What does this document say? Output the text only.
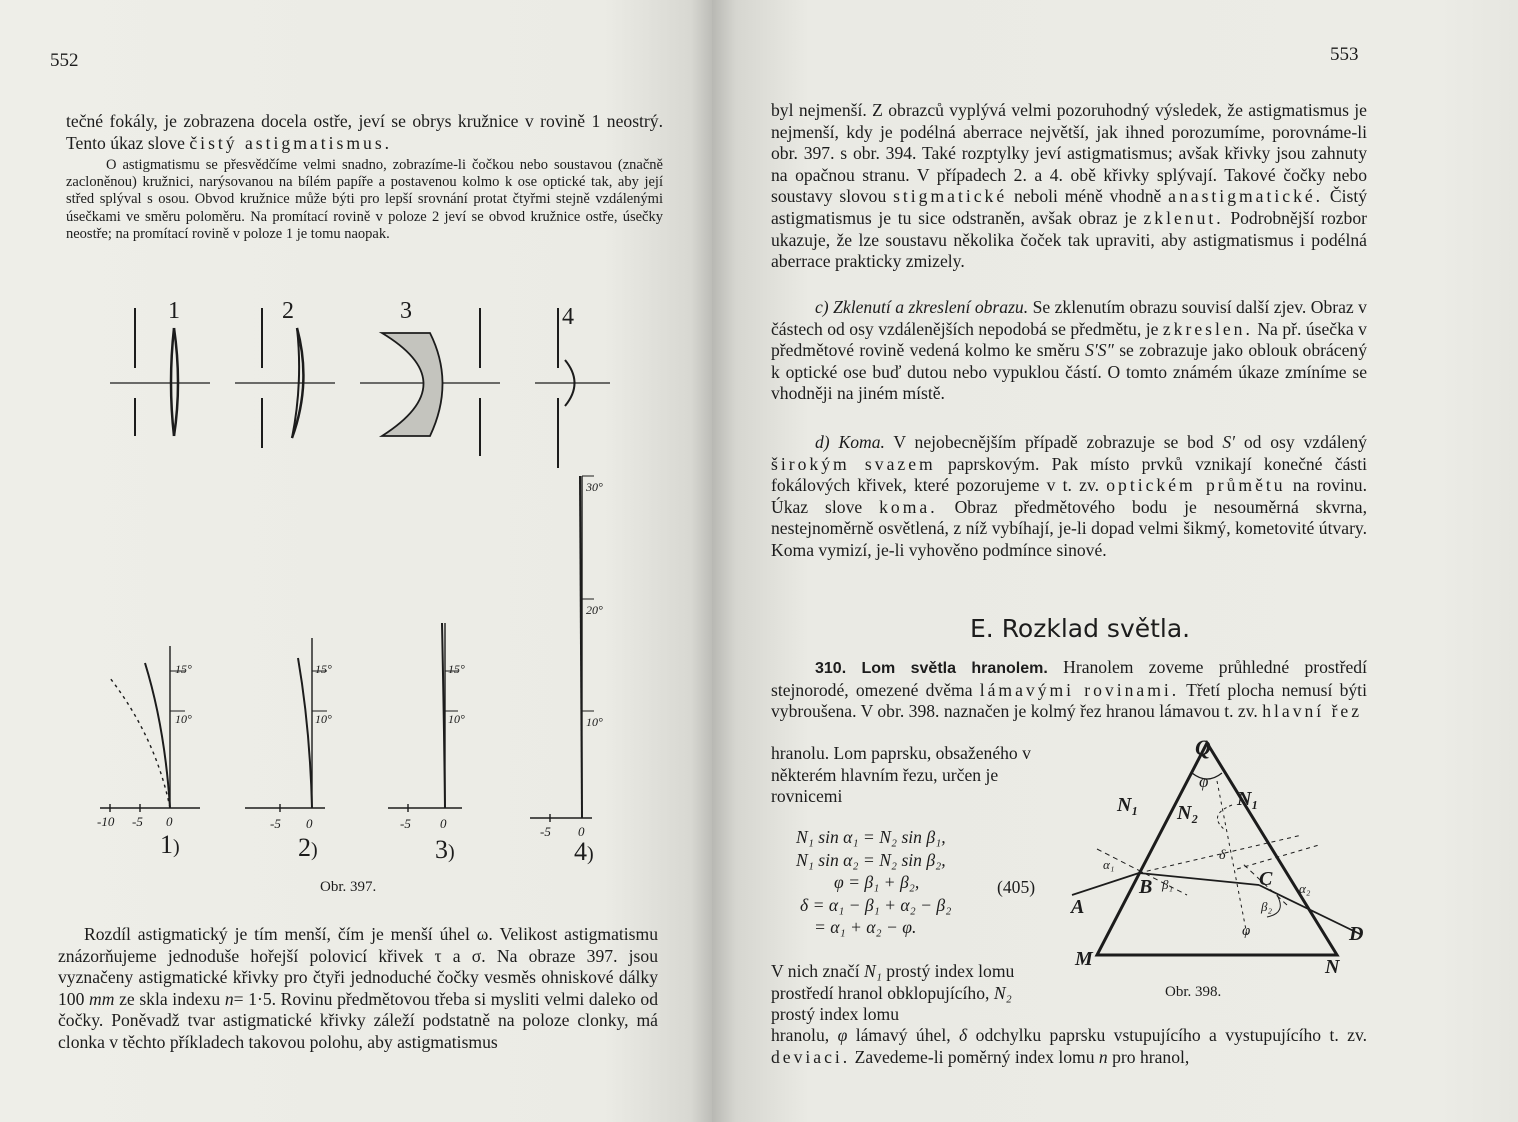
552

tečné fokály, je zobrazena docela ostře, jeví se obrys kružnice v rovině 1 neostrý. Tento úkaz slove čistý astigmatismus.

O astigmatismu se přesvědčíme velmi snadno, zobrazíme-li čočkou nebo soustavou (značně zacloněnou) kružnici, narýsovanou na bílém papíře a postavenou kolmo k ose optické tak, aby její střed splýval s osou. Obvod kružnice může býti pro lepší srovnání protat čtyřmi stejně vzdálenými úsečkami ve směru poloměru. Na promítací rovině v poloze 2 jeví se obvod kružnice ostře, úsečky neostře; na promítací rovině v poloze 1 je tomu naopak.

1	2	3	4
15°
10°
15°
10°
15°
10°
30°
20°
10°
-10 -5 0	-5 0	-5 0
-5 0
1)	2)	3)	4)
Obr. 397.

Rozdíl astigmatický je tím menší, čím je menší úhel ω. Velikost astigmatismu znázorňujeme jednoduše hořejší polovicí křivek τ a σ. Na obraze 397. jsou vyznačeny astigmatické křivky pro čtyři jednoduché čočky vesměs ohniskové dálky 100 mm ze skla indexu n= 1·5. Rovinu předmětovou třeba si mysliti velmi daleko od čočky. Poněvadž tvar astigmatické křivky záleží podstatně na poloze clonky, má clonka v těchto příkladech takovou polohu, aby astigmatismus

553

byl nejmenší. Z obrazců vyplývá velmi pozoruhodný výsledek, že astigmatismus je nejmenší, kdy je podélná aberrace největší, jak ihned porozumíme, porovnáme-li obr. 397. s obr. 394. Také rozptylky jeví astigmatismus; avšak křivky jsou zahnuty na opačnou stranu. V případech 2. a 4. obě křivky splývají. Takové čočky nebo soustavy slovou stigmatické neboli méně vhodně anastigmatické. Čistý astigmatismus je tu sice odstraněn, avšak obraz je zklenut. Podrobnější rozbor ukazuje, že lze soustavu několika čoček tak upraviti, aby astigmatismus i podélná aberrace prakticky zmizely.

c) Zklenutí a zkreslení obrazu. Se zklenutím obrazu souvisí další zjev. Obraz v částech od osy vzdálenějších nepodobá se předmětu, je zkreslen. Na př. úsečka v předmětové rovině vedená kolmo ke směru S′S″ se zobrazuje jako oblouk obrácený k optické ose buď dutou nebo vypuklou částí. O tomto známém úkaze zmíníme se vhodněji na jiném místě.

d) Koma. V nejobecnějším případě zobrazuje se bod S′ od osy vzdálený širokým svazem paprskovým. Pak místo prvků vznikají konečné části fokálových křivek, které pozorujeme v t. zv. optickém průmětu na rovinu. Úkaz slove koma. Obraz předmětového bodu je nesouměrná skvrna, nestejnoměrně osvětlená, z níž vybíhají, je-li dopad velmi šikmý, kometovité útvary. Koma vymizí, je-li vyhověno podmínce sinové.

E. Rozklad světla.

310. Lom světla hranolem. Hranolem zoveme průhledné prostředí stejnorodé, omezené dvěma lámavými rovinami. Třetí plocha nemusí býti vybroušena. V obr. 398. naznačen je kolmý řez hranou lámavou t. zv. hlavní řez

hranolu. Lom paprsku, obsaženého v některém hlavním řezu, určen je rovnicemi

N₁ sin α₁ = N₂ sin β₁,
N₁ sin α₂ = N₂ sin β₂,
φ = β₁ + β₂,
δ = α₁ − β₁ + α₂ − β₂
= α₁ + α₂ − φ.
(405)

V nich značí N₁ prostý index lomu prostředí hranol obklopujícího, N₂ prostý index lomu

hranolu, φ lámavý úhel, δ odchylku paprsku vstupujícího a vystupujícího t. zv. deviaci. Zavedeme-li poměrný index lomu n pro hranol,

Q
N₁ N₂
N₁
B	C
A
D
M	N
φ
α₁
β₁
δ
β₂
α₂
φ
Obr. 398.
